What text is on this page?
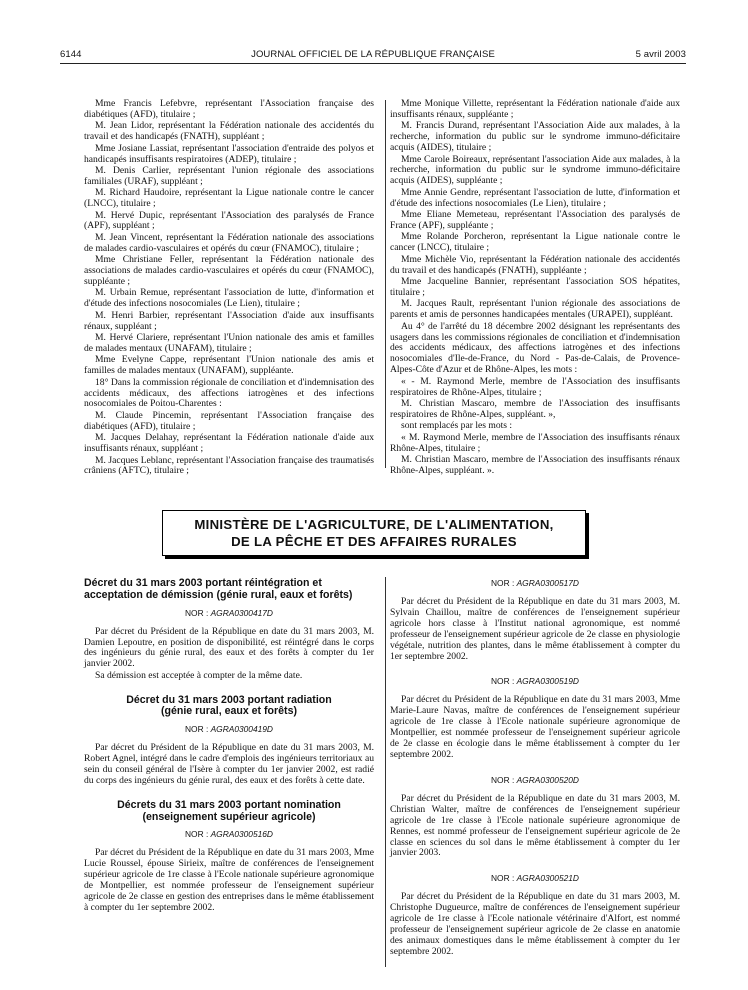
6144	JOURNAL OFFICIEL DE LA RÉPUBLIQUE FRANÇAISE	5 avril 2003

Mme Francis Lefebvre, représentant l'Association française des diabétiques (AFD), titulaire ;

M. Jean Lidor, représentant la Fédération nationale des accidentés du travail et des handicapés (FNATH), suppléant ;

Mme Josiane Lassiat, représentant l'association d'entraide des polyos et handicapés insuffisants respiratoires (ADEP), titulaire ;

M. Denis Carlier, représentant l'union régionale des associations familiales (URAF), suppléant ;

M. Richard Haudoire, représentant la Ligue nationale contre le cancer (LNCC), titulaire ;

M. Hervé Dupic, représentant l'Association des paralysés de France (APF), suppléant ;

M. Jean Vincent, représentant la Fédération nationale des associations de malades cardio-vasculaires et opérés du cœur (FNAMOC), titulaire ;

Mme Christiane Feller, représentant la Fédération nationale des associations de malades cardio-vasculaires et opérés du cœur (FNAMOC), suppléante ;

M. Urbain Remue, représentant l'association de lutte, d'information et d'étude des infections nosocomiales (Le Lien), titulaire ;

M. Henri Barbier, représentant l'Association d'aide aux insuffisants rénaux, suppléant ;

M. Hervé Clariere, représentant l'Union nationale des amis et familles de malades mentaux (UNAFAM), titulaire ;

Mme Evelyne Cappe, représentant l'Union nationale des amis et familles de malades mentaux (UNAFAM), suppléante.

18° Dans la commission régionale de conciliation et d'indemnisation des accidents médicaux, des affections iatrogènes et des infections nosocomiales de Poitou-Charentes :

M. Claude Pincemin, représentant l'Association française des diabétiques (AFD), titulaire ;

M. Jacques Delahay, représentant la Fédération nationale d'aide aux insuffisants rénaux, suppléant ;

M. Jacques Leblanc, représentant l'Association française des traumatisés crâniens (AFTC), titulaire ;

Mme Monique Villette, représentant la Fédération nationale d'aide aux insuffisants rénaux, suppléante ;

M. Francis Durand, représentant l'Association Aide aux malades, à la recherche, information du public sur le syndrome immuno-déficitaire acquis (AIDES), titulaire ;

Mme Carole Boireaux, représentant l'association Aide aux malades, à la recherche, information du public sur le syndrome immuno-déficitaire acquis (AIDES), suppléante ;

Mme Annie Gendre, représentant l'association de lutte, d'information et d'étude des infections nosocomiales (Le Lien), titulaire ;

Mme Eliane Memeteau, représentant l'Association des paralysés de France (APF), suppléante ;

Mme Rolande Porcheron, représentant la Ligue nationale contre le cancer (LNCC), titulaire ;

Mme Michèle Vio, représentant la Fédération nationale des accidentés du travail et des handicapés (FNATH), suppléante ;

Mme Jacqueline Bannier, représentant l'association SOS hépatites, titulaire ;

M. Jacques Rault, représentant l'union régionale des associations de parents et amis de personnes handicapées mentales (URAPEI), suppléant.

Au 4° de l'arrêté du 18 décembre 2002 désignant les représentants des usagers dans les commissions régionales de conciliation et d'indemnisation des accidents médicaux, des affections iatrogènes et des infections nosocomiales d'Ile-de-France, du Nord - Pas-de-Calais, de Provence-Alpes-Côte d'Azur et de Rhône-Alpes, les mots :

« - M. Raymond Merle, membre de l'Association des insuffisants respiratoires de Rhône-Alpes, titulaire ;

M. Christian Mascaro, membre de l'Association des insuffisants respiratoires de Rhône-Alpes, suppléant. »,

sont remplacés par les mots :

« M. Raymond Merle, membre de l'Association des insuffisants rénaux Rhône-Alpes, titulaire ;

M. Christian Mascaro, membre de l'Association des insuffisants rénaux Rhône-Alpes, suppléant. ».

MINISTÈRE DE L'AGRICULTURE, DE L'ALIMENTATION,
DE LA PÊCHE ET DES AFFAIRES RURALES
Décret du 31 mars 2003 portant réintégration et acceptation de démission (génie rural, eaux et forêts)
NOR : AGRA0300417D

Par décret du Président de la République en date du 31 mars 2003, M. Damien Lepoutre, en position de disponibilité, est réintégré dans le corps des ingénieurs du génie rural, des eaux et des forêts à compter du 1er janvier 2002.

Sa démission est acceptée à compter de la même date.

Décret du 31 mars 2003 portant radiation
(génie rural, eaux et forêts)
NOR : AGRA0300419D

Par décret du Président de la République en date du 31 mars 2003, M. Robert Agnel, intégré dans le cadre d'emplois des ingénieurs territoriaux au sein du conseil général de l'Isère à compter du 1er janvier 2002, est radié du corps des ingénieurs du génie rural, des eaux et des forêts à cette date.

Décrets du 31 mars 2003 portant nomination
(enseignement supérieur agricole)
NOR : AGRA0300516D

Par décret du Président de la République en date du 31 mars 2003, Mme Lucie Roussel, épouse Sirieix, maître de conférences de l'enseignement supérieur agricole de 1re classe à l'Ecole nationale supérieure agronomique de Montpellier, est nommée professeur de l'enseignement supérieur agricole de 2e classe en gestion des entreprises dans le même établissement à compter du 1er septembre 2002.

NOR : AGRA0300517D

Par décret du Président de la République en date du 31 mars 2003, M. Sylvain Chaillou, maître de conférences de l'enseignement supérieur agricole hors classe à l'Institut national agronomique, est nommé professeur de l'enseignement supérieur agricole de 2e classe en physiologie végétale, nutrition des plantes, dans le même établissement à compter du 1er septembre 2002.

NOR : AGRA0300519D

Par décret du Président de la République en date du 31 mars 2003, Mme Marie-Laure Navas, maître de conférences de l'enseignement supérieur agricole de 1re classe à l'Ecole nationale supérieure agronomique de Montpellier, est nommée professeur de l'enseignement supérieur agricole de 2e classe en écologie dans le même établissement à compter du 1er septembre 2002.

NOR : AGRA0300520D

Par décret du Président de la République en date du 31 mars 2003, M. Christian Walter, maître de conférences de l'enseignement supérieur agricole de 1re classe à l'Ecole nationale supérieure agronomique de Rennes, est nommé professeur de l'enseignement supérieur agricole de 2e classe en sciences du sol dans le même établissement à compter du 1er janvier 2003.

NOR : AGRA0300521D

Par décret du Président de la République en date du 31 mars 2003, M. Christophe Dugueurce, maître de conférences de l'enseignement supérieur agricole de 1re classe à l'Ecole nationale vétérinaire d'Alfort, est nommé professeur de l'enseignement supérieur agricole de 2e classe en anatomie des animaux domestiques dans le même établissement à compter du 1er septembre 2002.
